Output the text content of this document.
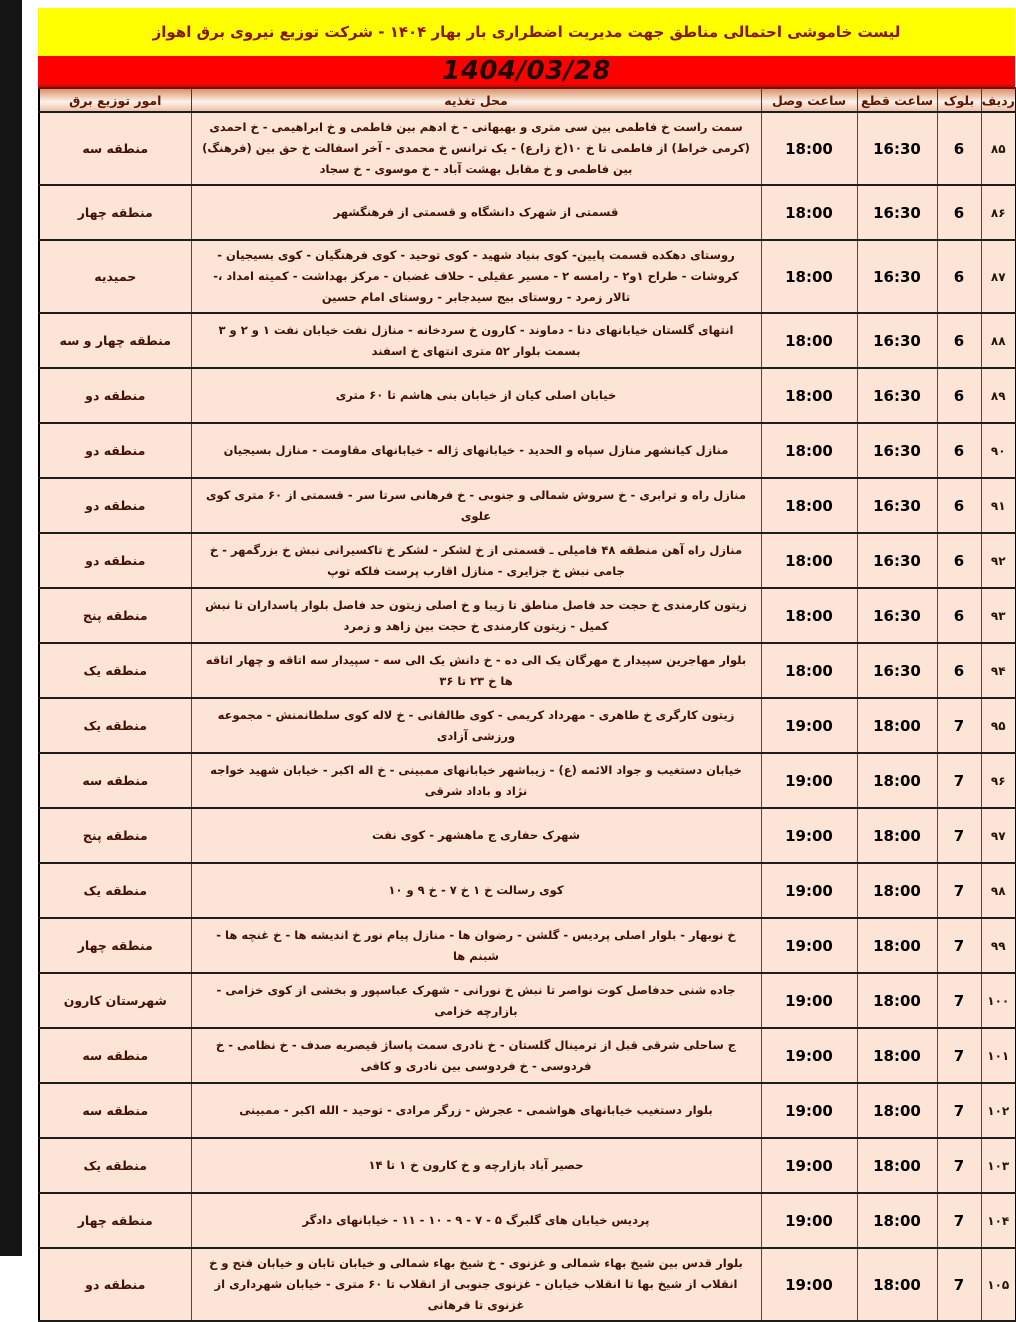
لیست خاموشی احتمالی مناطق جهت مدیریت اضطراری بار بهار ۱۴۰۴ - شرکت توزیع نیروی برق اهواز
1404/03/28
ردیف	بلوک	ساعت قطع	ساعت وصل	محل تغذیه	امور توزیع برق
۸۵	6	16:30	18:00	سمت راست خ فاطمی بین سی متری و بهبهانی - خ ادهم بین فاطمی و خ ابراهیمی - خ احمدی (کرمی خراط) از فاطمی تا خ ۱۰(خ زارع) - یک ترانس خ محمدی - آخر اسفالت خ حق بین (فرهنگ) بین فاطمی و خ مقابل بهشت آباد - خ موسوی - خ سجاد	منطقه سه
۸۶	6	16:30	18:00	قسمتی از شهرک دانشگاه و قسمتی از فرهنگشهر	منطقه چهار
۸۷	6	16:30	18:00	روستای دهکده قسمت پایین- کوی بنیاد شهید - کوی توحید - کوی فرهنگیان - کوی بسیجیان - کروشات - طراح ۱و۲ - رامسه ۲ - مسیر عقیلی - حلاف غضبان - مرکز بهداشت - کمیته امداد ،- تالار زمرد - روستای بیج سیدجابر - روستای امام حسین	حمیدیه
۸۸	6	16:30	18:00	انتهای گلستان خیابانهای دنا - دماوند - کارون خ سردخانه - منازل نفت خیابان نفت ۱ و ۲ و ۳ بسمت بلوار ۵۲ متری انتهای خ اسفند	منطقه چهار و سه
۸۹	6	16:30	18:00	خیابان اصلی کیان از خیابان بنی هاشم تا ۶۰ متری	منطقه دو
۹۰	6	16:30	18:00	منازل کیانشهر منازل سپاه و الحدید - خیابانهای ژاله - خیابانهای مقاومت - منازل بسیجیان	منطقه دو
۹۱	6	16:30	18:00	منازل راه و ترابری - خ سروش شمالی و جنوبی - خ فرهانی سرتا سر - قسمتی از ۶۰ متری کوی علوی	منطقه دو
۹۲	6	16:30	18:00	منازل راه آهن منطقه ۴۸ فامیلی ـ قسمتی از خ لشکر - لشکر خ تاکسیرانی نبش خ بزرگمهر - خ جامی نبش خ جزایری - منازل اقارب پرست فلکه توپ	منطقه دو
۹۳	6	16:30	18:00	زیتون کارمندی خ حجت حد فاصل مناطق تا زیبا و خ اصلی زیتون حد فاصل بلوار پاسداران تا نبش کمیل - زیتون کارمندی خ حجت بین زاهد و زمرد	منطقه پنج
۹۴	6	16:30	18:00	بلوار مهاجرین سپیدار خ مهرگان یک الی ده - خ دانش یک الی سه - سپیدار سه اتاقه و چهار اتاقه ها خ ۲۳ تا ۳۶	منطقه یک
۹۵	7	18:00	19:00	زیتون کارگری خ طاهری - مهرداد کریمی - کوی طالقانی - خ لاله کوی سلطانمنش - مجموعه ورزشی آزادی	منطقه یک
۹۶	7	18:00	19:00	خیابان دستغیب و جواد الائمه (ع) - زیباشهر خیابانهای ممبینی - خ اله اکبر - خیابان شهید خواجه نژاد و باداد شرقی	منطقه سه
۹۷	7	18:00	19:00	شهرک حفاری ج ماهشهر - کوی نفت	منطقه پنج
۹۸	7	18:00	19:00	کوی رسالت خ ۱ خ ۷ - خ ۹ و ۱۰	منطقه یک
۹۹	7	18:00	19:00	خ نوبهار - بلوار اصلی پردیس - گلشن - رضوان ها - منازل پیام نور خ اندیشه ها - خ غنچه ها - شبنم ها	منطقه چهار
۱۰۰	7	18:00	19:00	جاده شنی حدفاصل کوت نواصر تا نبش خ نورانی - شهرک عباسپور و بخشی از کوی خزامی - بازارچه خزامی	شهرستان کارون
۱۰۱	7	18:00	19:00	ج ساحلی شرقی قبل از ترمینال گلستان - خ نادری سمت پاساژ قیصریه صدف - خ نظامی - خ فردوسی - خ فردوسی بین نادری و کافی	منطقه سه
۱۰۲	7	18:00	19:00	بلوار دستغیب خیابانهای هواشمی - عجرش - زرگر مرادی - توحید - الله اکبر - ممبینی	منطقه سه
۱۰۳	7	18:00	19:00	حصیر آباد بازارچه و خ کارون خ ۱ تا ۱۴	منطقه یک
۱۰۴	7	18:00	19:00	پردیس خیابان های گلبرگ ۵ - ۷ - ۹ - ۱۰ - ۱۱ - خیابانهای دادگر	منطقه چهار
۱۰۵	7	18:00	19:00	بلوار قدس بین شیخ بهاء شمالی و غزنوی - خ شیخ بهاء شمالی و خیابان تابان و خیابان فتح و خ انقلاب از شیخ بها تا انقلاب خیابان - غزنوی جنوبی از انقلاب تا ۶۰ متری - خیابان شهرداری از غزنوی تا فرهانی	منطقه دو
